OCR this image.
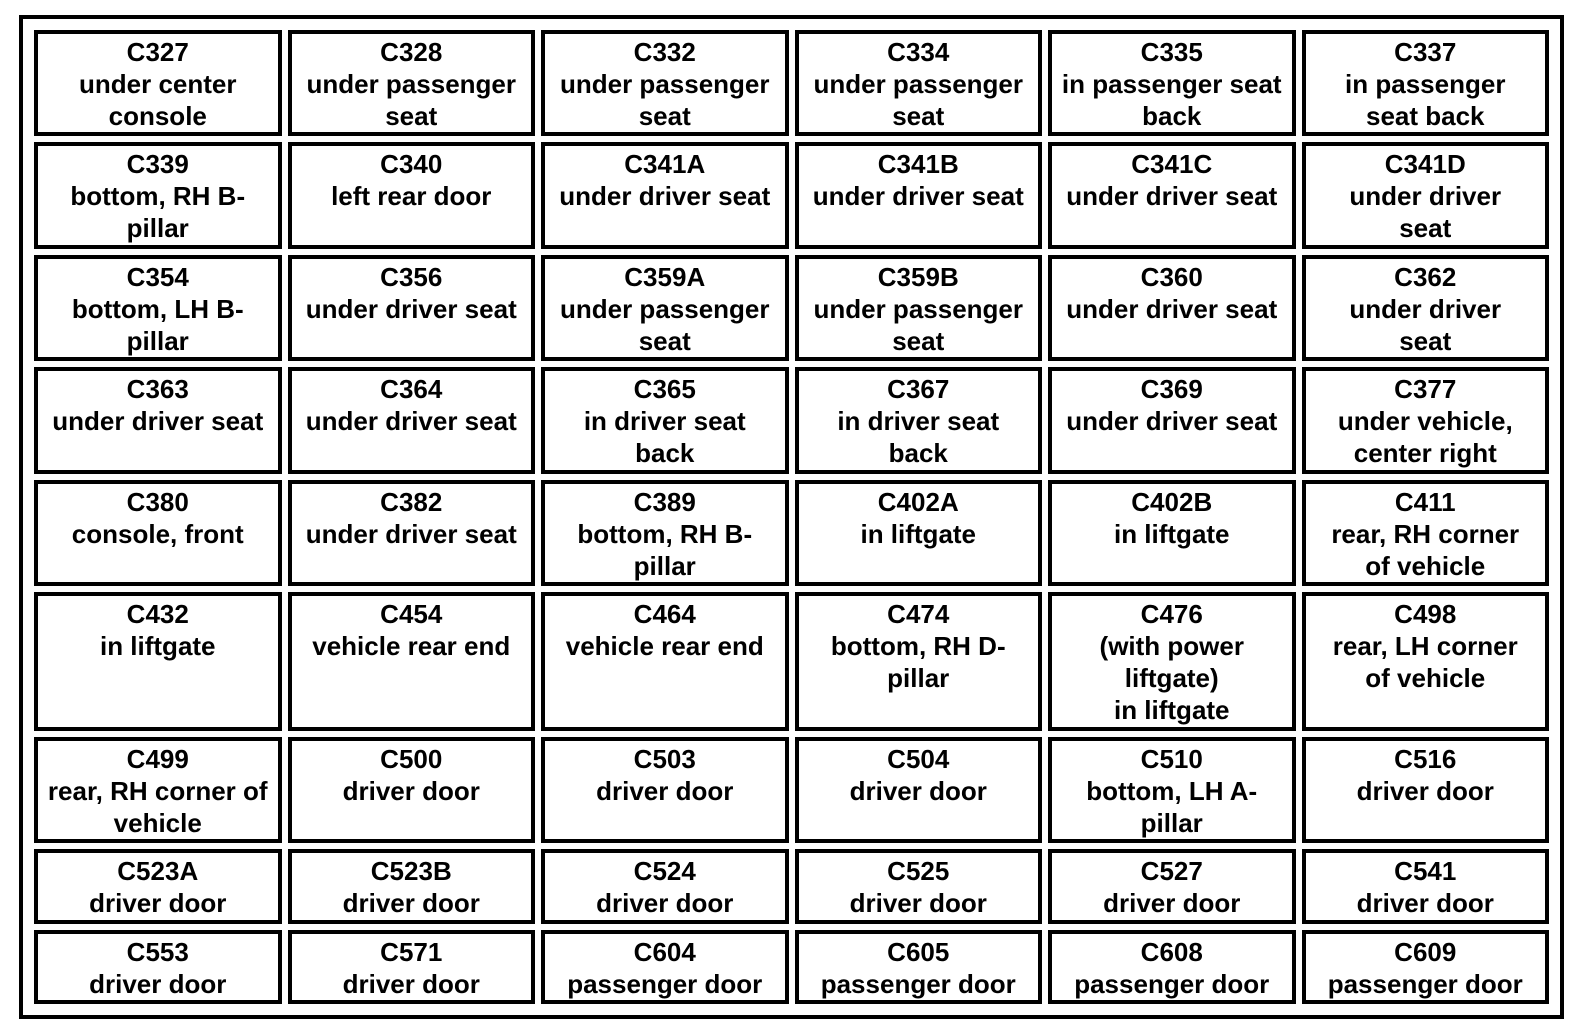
C327
under center
console	C328
under passenger
seat	C332
under passenger
seat	C334
under passenger
seat	C335
in passenger seat
back	C337
in passenger
seat back

C339
bottom, RH B-
pillar	C340
left rear door	C341A
under driver seat	C341B
under driver seat	C341C
under driver seat	C341D
under driver
seat

C354
bottom, LH B-
pillar	C356
under driver seat	C359A
under passenger
seat	C359B
under passenger
seat	C360
under driver seat	C362
under driver
seat

C363
under driver seat	C364
under driver seat	C365
in driver seat
back	C367
in driver seat
back	C369
under driver seat	C377
under vehicle,
center right

C380
console, front	C382
under driver seat	C389
bottom, RH B-
pillar	C402A
in liftgate	C402B
in liftgate	C411
rear, RH corner
of vehicle

C432
in liftgate	C454
vehicle rear end	C464
vehicle rear end	C474
bottom, RH D-
pillar	C476
(with power
liftgate)
in liftgate	C498
rear, LH corner
of vehicle

C499
rear, RH corner of
vehicle	C500
driver door	C503
driver door	C504
driver door	C510
bottom, LH A-
pillar	C516
driver door

C523A
driver door	C523B
driver door	C524
driver door	C525
driver door	C527
driver door	C541
driver door

C553
driver door	C571
driver door	C604
passenger door	C605
passenger door	C608
passenger door	C609
passenger door
